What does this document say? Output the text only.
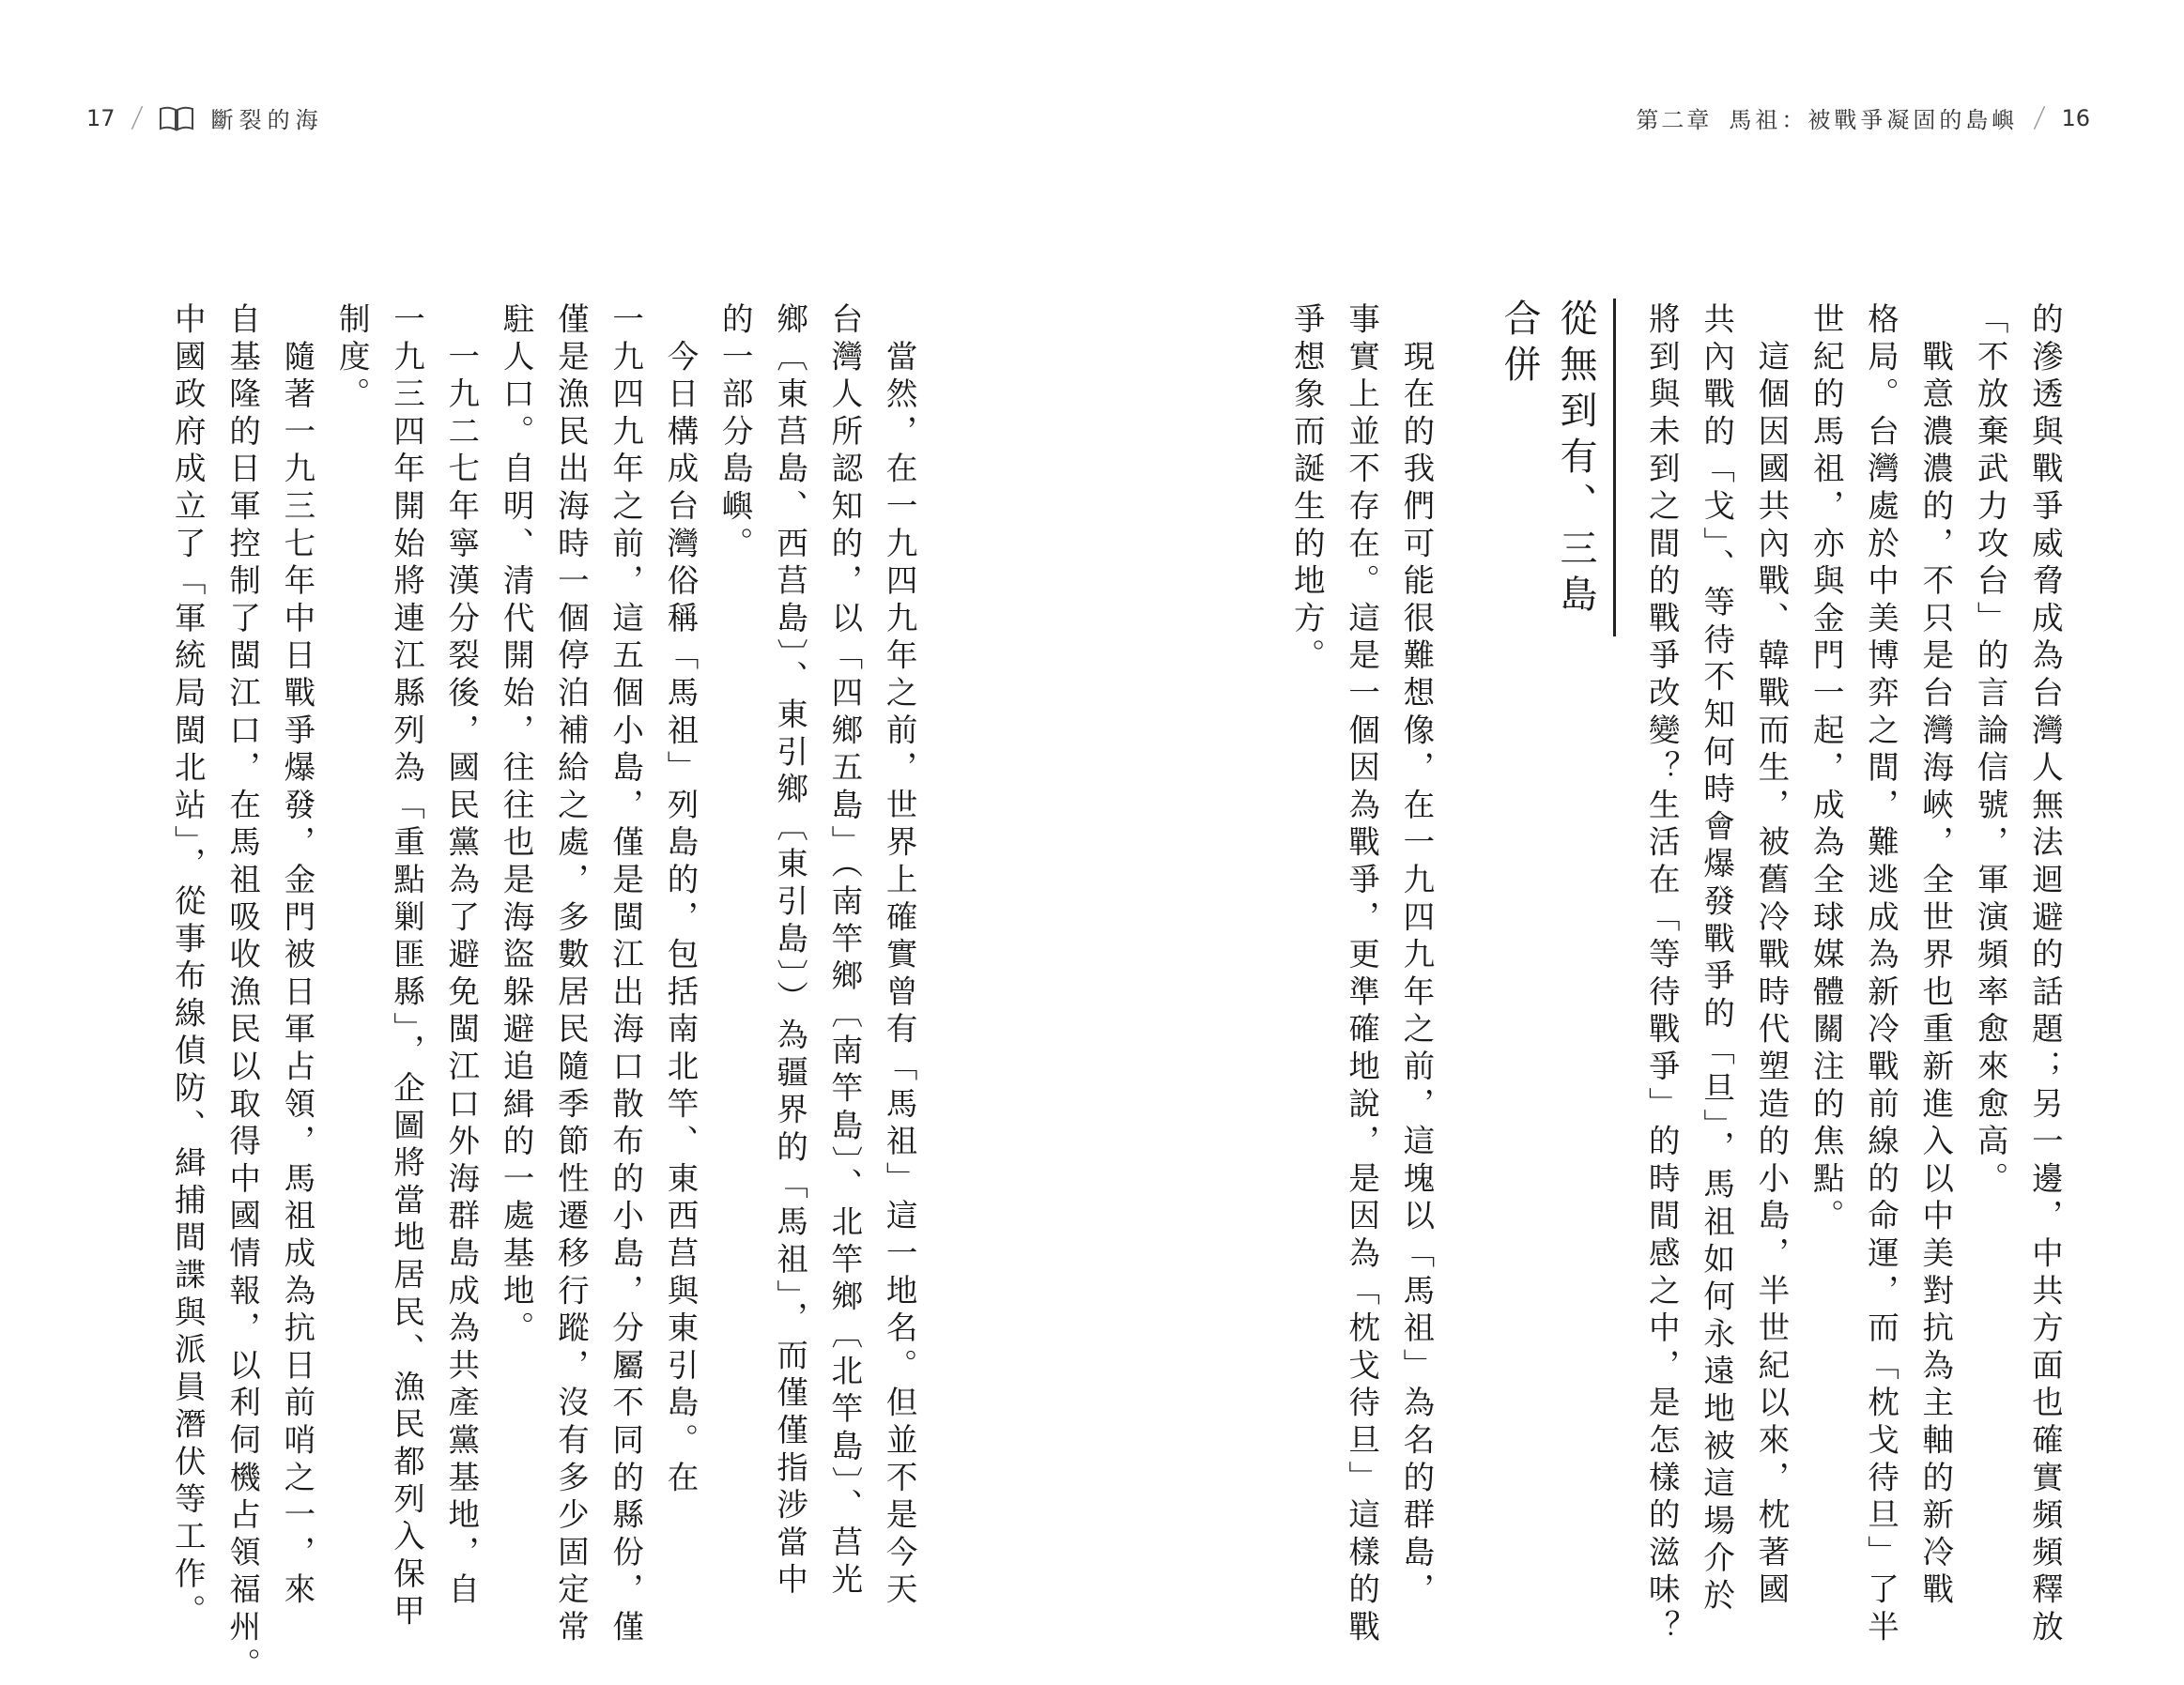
17 /	斷裂的海	第二章 馬祖：被戰爭凝固的島嶼 / 16
的滲透與戰爭威脅成為台灣人無法迴避的話題；另一邊，中共方面也確實頻頻釋放
「不放棄武力攻台」的言論信號，軍演頻率愈來愈高。
　戰意濃濃的，不只是台灣海峽，全世界也重新進入以中美對抗為主軸的新冷戰
格局。台灣處於中美博弈之間，難逃成為新冷戰前線的命運，而「枕戈待旦」了半
世紀的馬祖，亦與金門一起，成為全球媒體關注的焦點。
　這個因國共內戰、韓戰而生，被舊冷戰時代塑造的小島，半世紀以來，枕著國
共內戰的「戈」、等待不知何時會爆發戰爭的「旦」，馬祖如何永遠地被這場介於
將到與未到之間的戰爭改變？生活在「等待戰爭」的時間感之中，是怎樣的滋味？
從無到有、三島合併
　現在的我們可能很難想像，在一九四九年之前，這塊以「馬祖」為名的群島，
事實上並不存在。這是一個因為戰爭，更準確地說，是因為「枕戈待旦」這樣的戰
爭想象而誕生的地方。
　當然，在一九四九年之前，世界上確實曾有「馬祖」這一地名。但並不是今天
台灣人所認知的，以「四鄉五島」（南竿鄉〔南竿島〕、北竿鄉〔北竿島〕、莒光
鄉〔東莒島、西莒島〕、東引鄉〔東引島〕）為疆界的「馬祖」，而僅僅指涉當中
的一部分島嶼。
　今日構成台灣俗稱「馬祖」列島的，包括南北竿、東西莒與東引島。在
一九四九年之前，這五個小島，僅是閩江出海口散布的小島，分屬不同的縣份，僅
僅是漁民出海時一個停泊補給之處，多數居民隨季節性遷移行蹤，沒有多少固定常
駐人口。自明、清代開始，往往也是海盜躲避追緝的一處基地。
　一九二七年寧漢分裂後，國民黨為了避免閩江口外海群島成為共產黨基地，自
一九三四年開始將連江縣列為「重點剿匪縣」，企圖將當地居民、漁民都列入保甲
制度。
　隨著一九三七年中日戰爭爆發，金門被日軍占領，馬祖成為抗日前哨之一，來
自基隆的日軍控制了閩江口，在馬祖吸收漁民以取得中國情報，以利伺機占領福州。
中國政府成立了「軍統局閩北站」，從事布線偵防、緝捕間諜與派員潛伏等工作。
